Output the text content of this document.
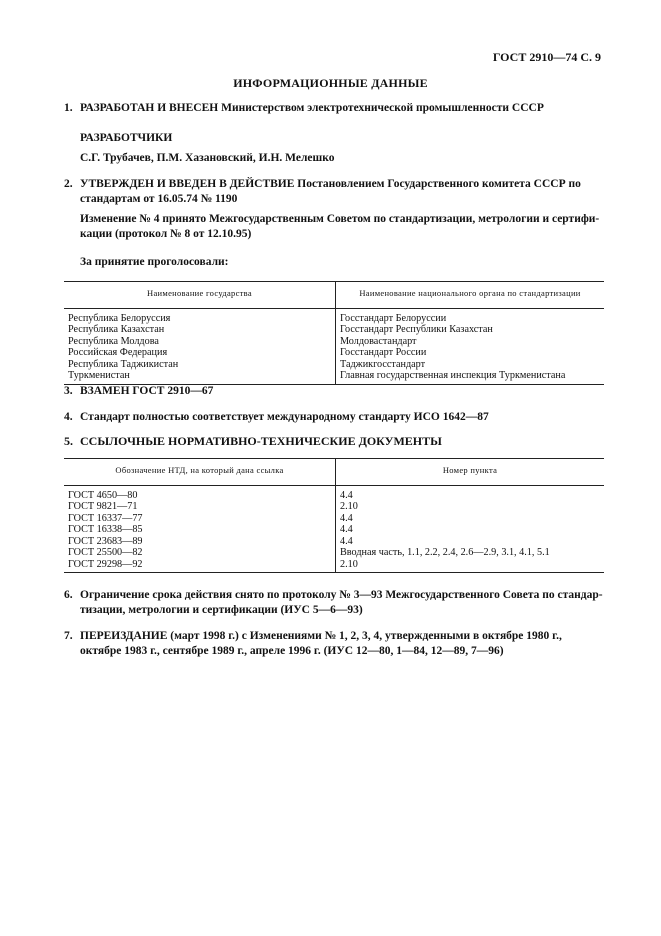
ГОСТ 2910—74 С. 9
ИНФОРМАЦИОННЫЕ ДАННЫЕ
1. РАЗРАБОТАН И ВНЕСЕН Министерством электротехнической промышленности СССР
РАЗРАБОТЧИКИ
С.Г. Трубачев, П.М. Хазановский, И.Н. Мелешко
2. УТВЕРЖДЕН И ВВЕДЕН В ДЕЙСТВИЕ Постановлением Государственного комитета СССР по
стандартам от 16.05.74 № 1190
Изменение № 4 принято Межгосударственным Советом по стандартизации, метрологии и сертифи-
кации (протокол № 8 от 12.10.95)
За принятие проголосовали:
Наименование государства	Наименование национального органа по стандартизации
Республика Белоруссия	Госстандарт Белоруссии
Республика Казахстан	Госстандарт Республики Казахстан
Республика Молдова	Молдовастандарт
Российская Федерация	Госстандарт России
Республика Таджикистан	Таджикгосстандарт
Туркменистан	Главная государственная инспекция Туркменистана
3. ВЗАМЕН ГОСТ 2910—67
4. Стандарт полностью соответствует международному стандарту ИСО 1642—87
5. ССЫЛОЧНЫЕ НОРМАТИВНО-ТЕХНИЧЕСКИЕ ДОКУМЕНТЫ
Обозначение НТД, на который дана ссылка	Номер пункта
ГОСТ 4650—80	4.4
ГОСТ 9821—71	2.10
ГОСТ 16337—77	4.4
ГОСТ 16338—85	4.4
ГОСТ 23683—89	4.4
ГОСТ 25500—82	Вводная часть, 1.1, 2.2, 2.4, 2.6—2.9, 3.1, 4.1, 5.1
ГОСТ 29298—92	2.10
6. Ограничение срока действия снято по протоколу № 3—93 Межгосударственного Совета по стандар-
тизации, метрологии и сертификации (ИУС 5—6—93)
7. ПЕРЕИЗДАНИЕ (март 1998 г.) с Изменениями № 1, 2, 3, 4, утвержденными в октябре 1980 г.,
октябре 1983 г., сентябре 1989 г., апреле 1996 г. (ИУС 12—80, 1—84, 12—89, 7—96)
